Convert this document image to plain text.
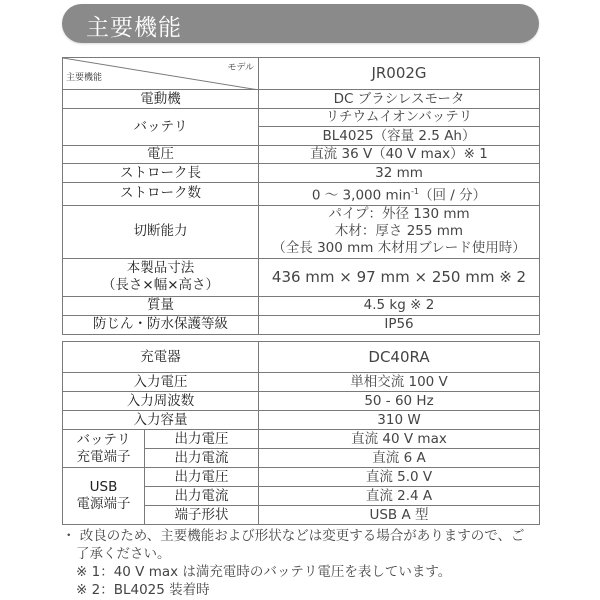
主要機能
モデル
主要機能	JR002G
電動機	DC ブラシレスモータ
バッテリ	リチウムイオンバッテリ
	BL4025（容量 2.5 Ah）
電圧	直流 36 V（40 V max）※ 1
ストローク長	32 mm
ストローク数	0 ～ 3,000 $\min^{-1}$（回 / 分）
切断能力	パイプ：外径 130 mm
木材：厚さ 255 mm
（全長 300 mm 木材用ブレード使用時）

本製品寸法
（長さ×幅×高さ）	436 mm × 97 mm × 250 mm ※ 2
質量	4.5 kg ※ 2
防じん・防水保護等級	IP56
充電器		DC40RA
入力電圧		単相交流 100 V
入力周波数		50 - 60 Hz
入力容量		310 W

バッテリ
充電端子	出力電圧	直流 40 V max
	出力電流	直流 6 A

USB
電源端子	出力電圧	直流 5.0 V
	出力電流	直流 2.4 A
	端子形状	USB A 型
・ 改良のため、主要機能および形状などは変更する場合がありますので、ご
了承ください。
※ 1：40 V max は満充電時のバッテリ電圧を表しています。
※ 2：BL4025 装着時
